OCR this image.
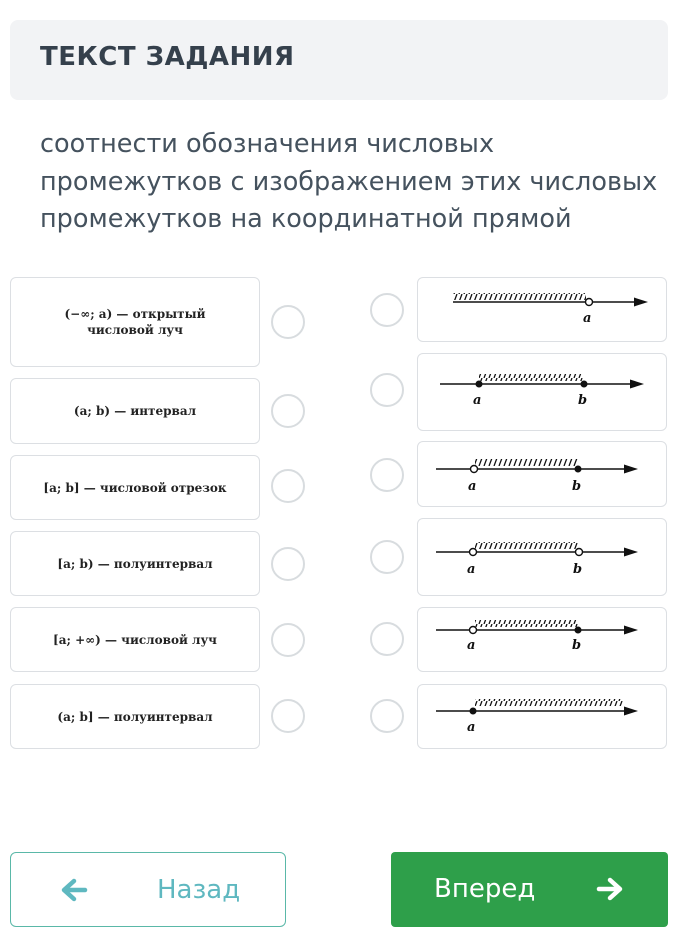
ТЕКСТ ЗАДАНИЯ
соотнести обозначения числовых промежутков с изображением этих числовых промежутков на координатной прямой
(−∞; a) — открытый числовой луч
(a; b) — интервал
[a; b] — числовой отрезок
[a; b) — полуинтервал
[a; +∞) — числовой луч
(a; b] — полуинтервал
a
a	b
a	b
a	b
a	b
a
Назад	Вперед
